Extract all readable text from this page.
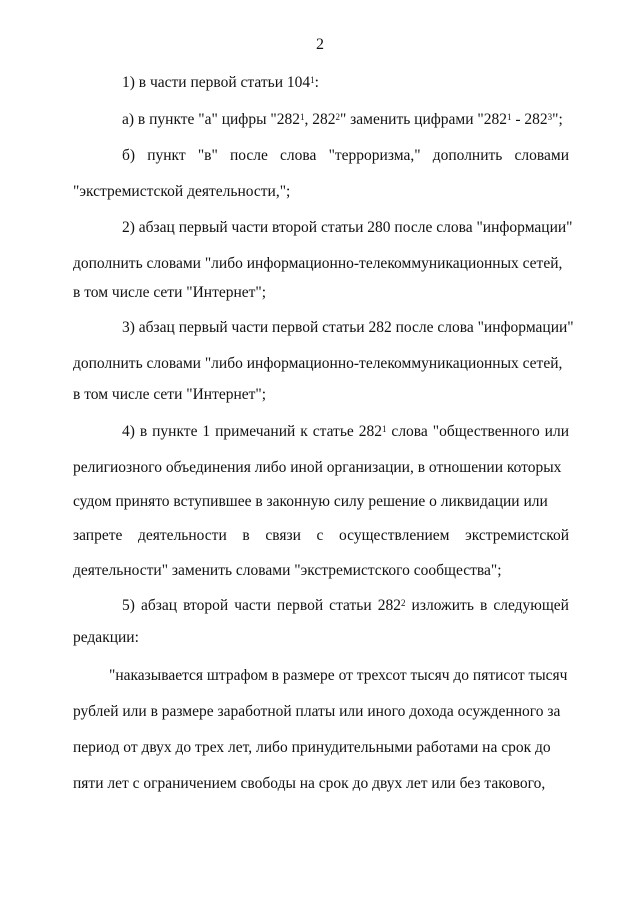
2
1) в части первой статьи $104^1$:
а) в пункте "а" цифры "$282^1$, $282^2$" заменить цифрами "$282^1 - 282^3$";
б) пункт "в" после слова "терроризма," дополнить словами
"экстремистской деятельности,";
2) абзац первый части второй статьи 280 после слова "информации"
дополнить словами "либо информационно-телекоммуникационных сетей,
в том числе сети "Интернет";
3) абзац первый части первой статьи 282 после слова "информации"
дополнить словами "либо информационно-телекоммуникационных сетей,
в том числе сети "Интернет";
4) в пункте 1 примечаний к статье $282^1$ слова "общественного или
религиозного объединения либо иной организации, в отношении которых
судом принято вступившее в законную силу решение о ликвидации или
запрете деятельности в связи с осуществлением экстремистской
деятельности" заменить словами "экстремистского сообщества";
5) абзац второй части первой статьи $282^2$ изложить в следующей
редакции:
"наказывается штрафом в размере от трехсот тысяч до пятисот тысяч
рублей или в размере заработной платы или иного дохода осужденного за
период от двух до трех лет, либо принудительными работами на срок до
пяти лет с ограничением свободы на срок до двух лет или без такового,
